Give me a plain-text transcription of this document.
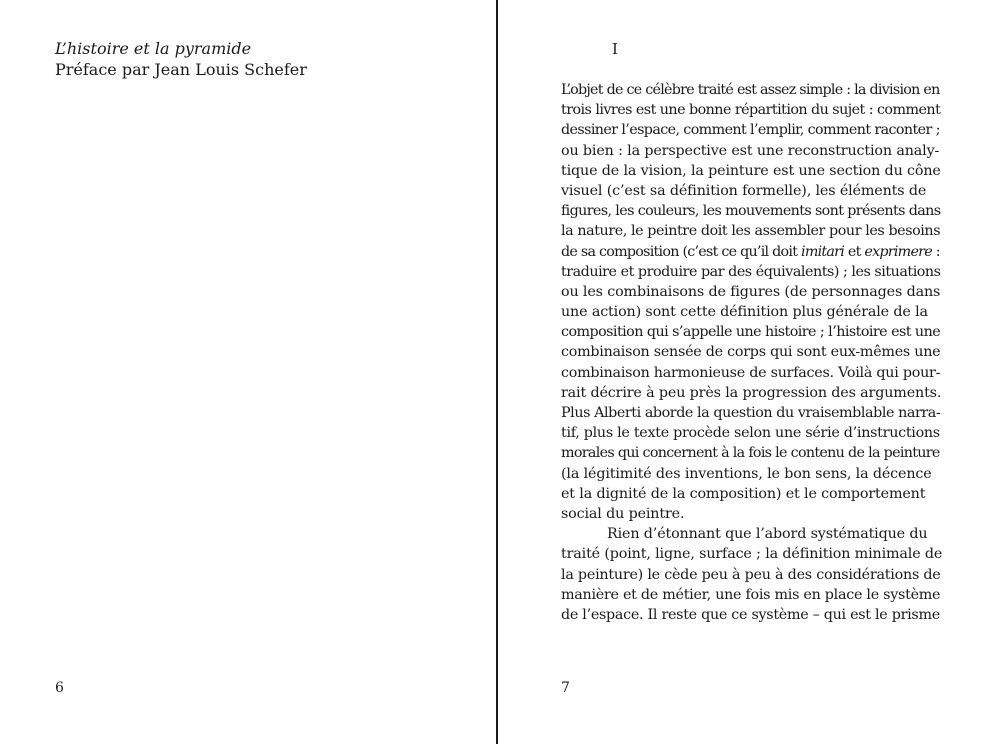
L’histoire et la pyramide
Préface par Jean Louis Schefer
6
I
L’objet de ce célèbre traité est assez simple : la division en
trois livres est une bonne répartition du sujet : comment
dessiner l’espace, comment l’emplir, comment raconter ;
ou bien : la perspective est une reconstruction analy-
tique de la vision, la peinture est une section du cône
visuel (c’est sa définition formelle), les éléments de
figures, les couleurs, les mouvements sont présents dans
la nature, le peintre doit les assembler pour les besoins
de sa composition (c’est ce qu’il doit imitari et exprimere :
traduire et produire par des équivalents) ; les situations
ou les combinaisons de figures (de personnages dans
une action) sont cette définition plus générale de la
composition qui s’appelle une histoire ; l’histoire est une
combinaison sensée de corps qui sont eux-mêmes une
combinaison harmonieuse de surfaces. Voilà qui pour-
rait décrire à peu près la progression des arguments.
Plus Alberti aborde la question du vraisemblable narra-
tif, plus le texte procède selon une série d’instructions
morales qui concernent à la fois le contenu de la peinture
(la légitimité des inventions, le bon sens, la décence
et la dignité de la composition) et le comportement
social du peintre.
Rien d’étonnant que l’abord systématique du
traité (point, ligne, surface ; la définition minimale de
la peinture) le cède peu à peu à des considérations de
manière et de métier, une fois mis en place le système
de l’espace. Il reste que ce système – qui est le prisme
7
